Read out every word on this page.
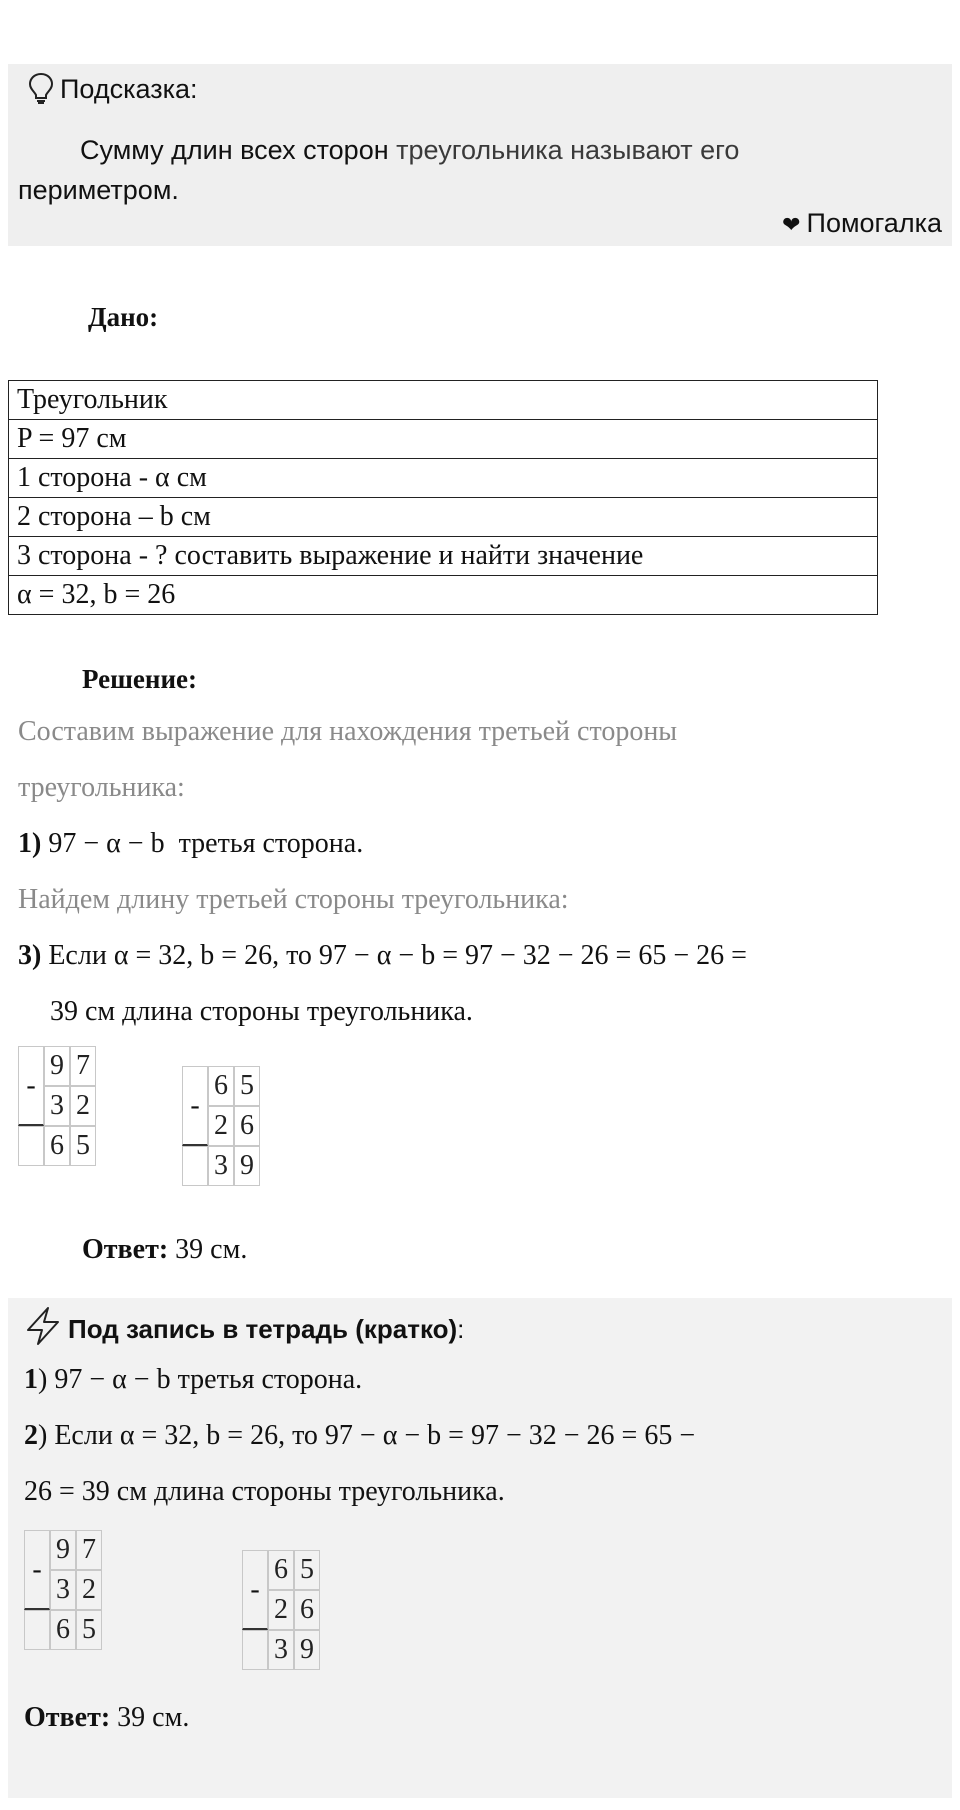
Подсказка:
Сумму длин всех сторон треугольника называют его
периметром.
❤ Помогалка
Дано:
Треугольник
P = 97 см
1 сторона - α см
2 сторона – b см
3 сторона - ? составить выражение и найти значение
α = 32, b = 26
Решение:
Составим выражение для нахождения третьей стороны
треугольника:
1) 97 − α − b третья сторона.
Найдем длину третьей стороны треугольника:
3) Если α = 32, b = 26, то 97 − α − b = 97 − 32 − 26 = 65 − 26 =
39 см длина стороны треугольника.
-
9 7
3 2
6 5
-
6 5
2 6
3 9
Ответ: 39 см.
Под запись в тетрадь (кратко):
1) 97 − α − b третья сторона.
2) Если α = 32, b = 26, то 97 − α − b = 97 − 32 − 26 = 65 −
26 = 39 см длина стороны треугольника.
-
9 7
3 2
6 5
-
6 5
2 6
3 9
Ответ: 39 см.
